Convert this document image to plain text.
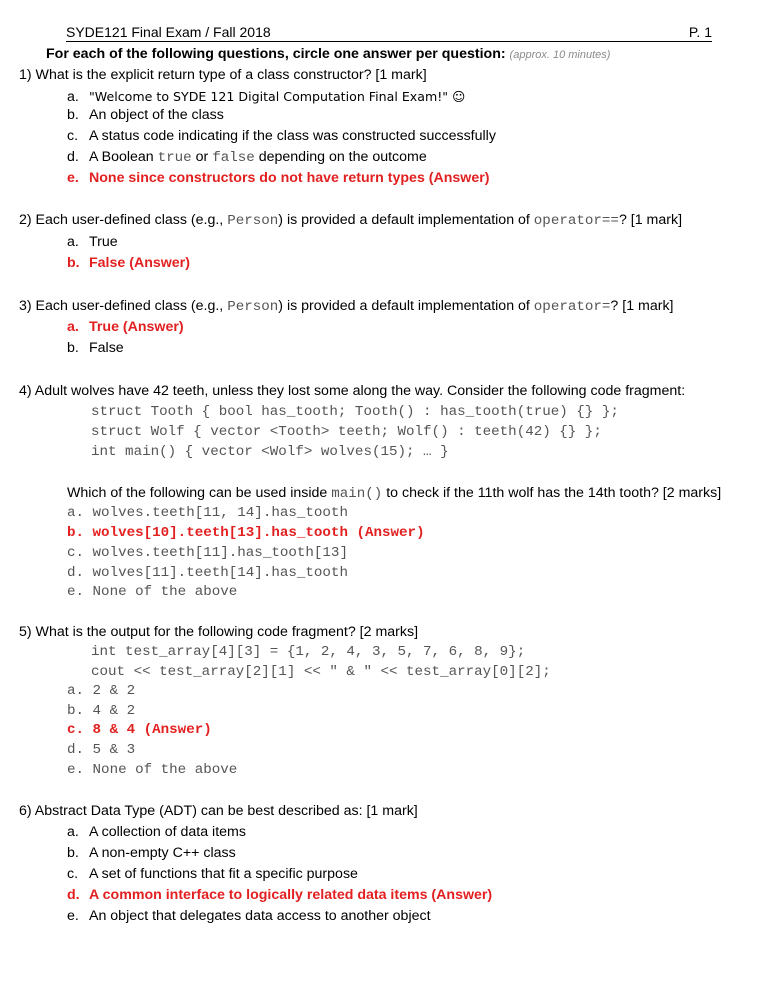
SYDE121 Final Exam / Fall 2018	P. 1
For each of the following questions, circle one answer per question: (approx. 10 minutes)
1) What is the explicit return type of a class constructor? [1 mark]
a. "Welcome to SYDE 121 Digital Computation Final Exam!" ☺
b. An object of the class
c. A status code indicating if the class was constructed successfully
d. A Boolean true or false depending on the outcome
e. None since constructors do not have return types (Answer)
2) Each user-defined class (e.g., Person) is provided a default implementation of operator==? [1 mark]
a. True
b. False (Answer)
3) Each user-defined class (e.g., Person) is provided a default implementation of operator=? [1 mark]
a. True (Answer)
b. False
4) Adult wolves have 42 teeth, unless they lost some along the way. Consider the following code fragment:
struct Tooth { bool has_tooth; Tooth() : has_tooth(true) {} };
struct Wolf { vector <Tooth> teeth; Wolf() : teeth(42) {} };
int main() { vector <Wolf> wolves(15); … }
Which of the following can be used inside main() to check if the 11th wolf has the 14th tooth? [2 marks]
a. wolves.teeth[11, 14].has_tooth
b. wolves[10].teeth[13].has_tooth (Answer)
c. wolves.teeth[11].has_tooth[13]
d. wolves[11].teeth[14].has_tooth
e. None of the above
5) What is the output for the following code fragment? [2 marks]
int test_array[4][3] = {1, 2, 4, 3, 5, 7, 6, 8, 9};
cout << test_array[2][1] << " & " << test_array[0][2];
a. 2 & 2
b. 4 & 2
c. 8 & 4 (Answer)
d. 5 & 3
e. None of the above
6) Abstract Data Type (ADT) can be best described as: [1 mark]
a. A collection of data items
b. A non-empty C++ class
c. A set of functions that fit a specific purpose
d. A common interface to logically related data items (Answer)
e. An object that delegates data access to another object
